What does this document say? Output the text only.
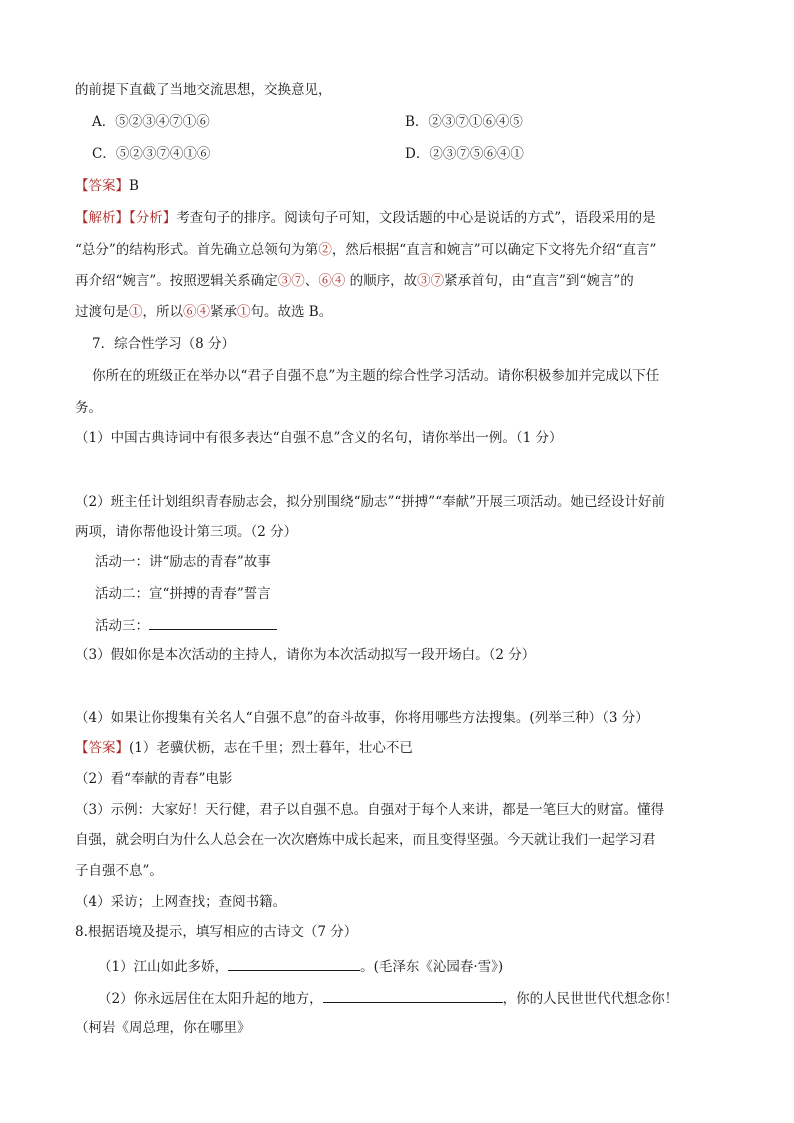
的前提下直截了当地交流思想，交换意见，
A．⑤②③④⑦①⑥	B．②③⑦①⑥④⑤
C．⑤②③⑦④①⑥	D．②③⑦⑤⑥④①
【答案】B
【解析】【分析】考查句子的排序。阅读句子可知，文段话题的中心是说话的方式”，语段采用的是
“总分”的结构形式。首先确立总领句为第②，然后根据“直言和婉言”可以确定下文将先介绍“直言”
再介绍“婉言”。按照逻辑关系确定③⑦、⑥④ 的顺序，故③⑦紧承首句，由“直言”到“婉言”的
过渡句是①，所以⑥④紧承①句。故选 B。
7．综合性学习（8 分）
你所在的班级正在举办以“君子自强不息”为主题的综合性学习活动。请你积极参加并完成以下任
务。
（1）中国古典诗词中有很多表达“自强不息”含义的名句，请你举出一例。（1 分）
（2）班主任计划组织青春励志会，拟分别围绕“励志”“拼搏”“奉献”开展三项活动。她已经设计好前
两项，请你帮他设计第三项。（2 分）
活动一：讲“励志的青春”故事
活动二：宣“拼搏的青春”誓言
活动三：
（3）假如你是本次活动的主持人，请你为本次活动拟写一段开场白。（2 分）
（4）如果让你搜集有关名人“自强不息”的奋斗故事，你将用哪些方法搜集。(列举三种）（3 分）
【答案】(1）老骥伏枥，志在千里；烈士暮年，壮心不已
（2）看“奉献的青春”电影
（3）示例：大家好！天行健，君子以自强不息。自强对于每个人来讲，都是一笔巨大的财富。懂得
自强，就会明白为什么人总会在一次次磨炼中成长起来，而且变得坚强。今天就让我们一起学习君
子自强不息”。
（4）采访；上网查找；查阅书籍。
8.根据语境及提示，填写相应的古诗文（7 分）
（1）江山如此多娇，	。(毛泽东《沁园春·雪》)
（2）你永远居住在太阳升起的地方，	，你的人民世世代代想念你！
（柯岩《周总理，你在哪里》
